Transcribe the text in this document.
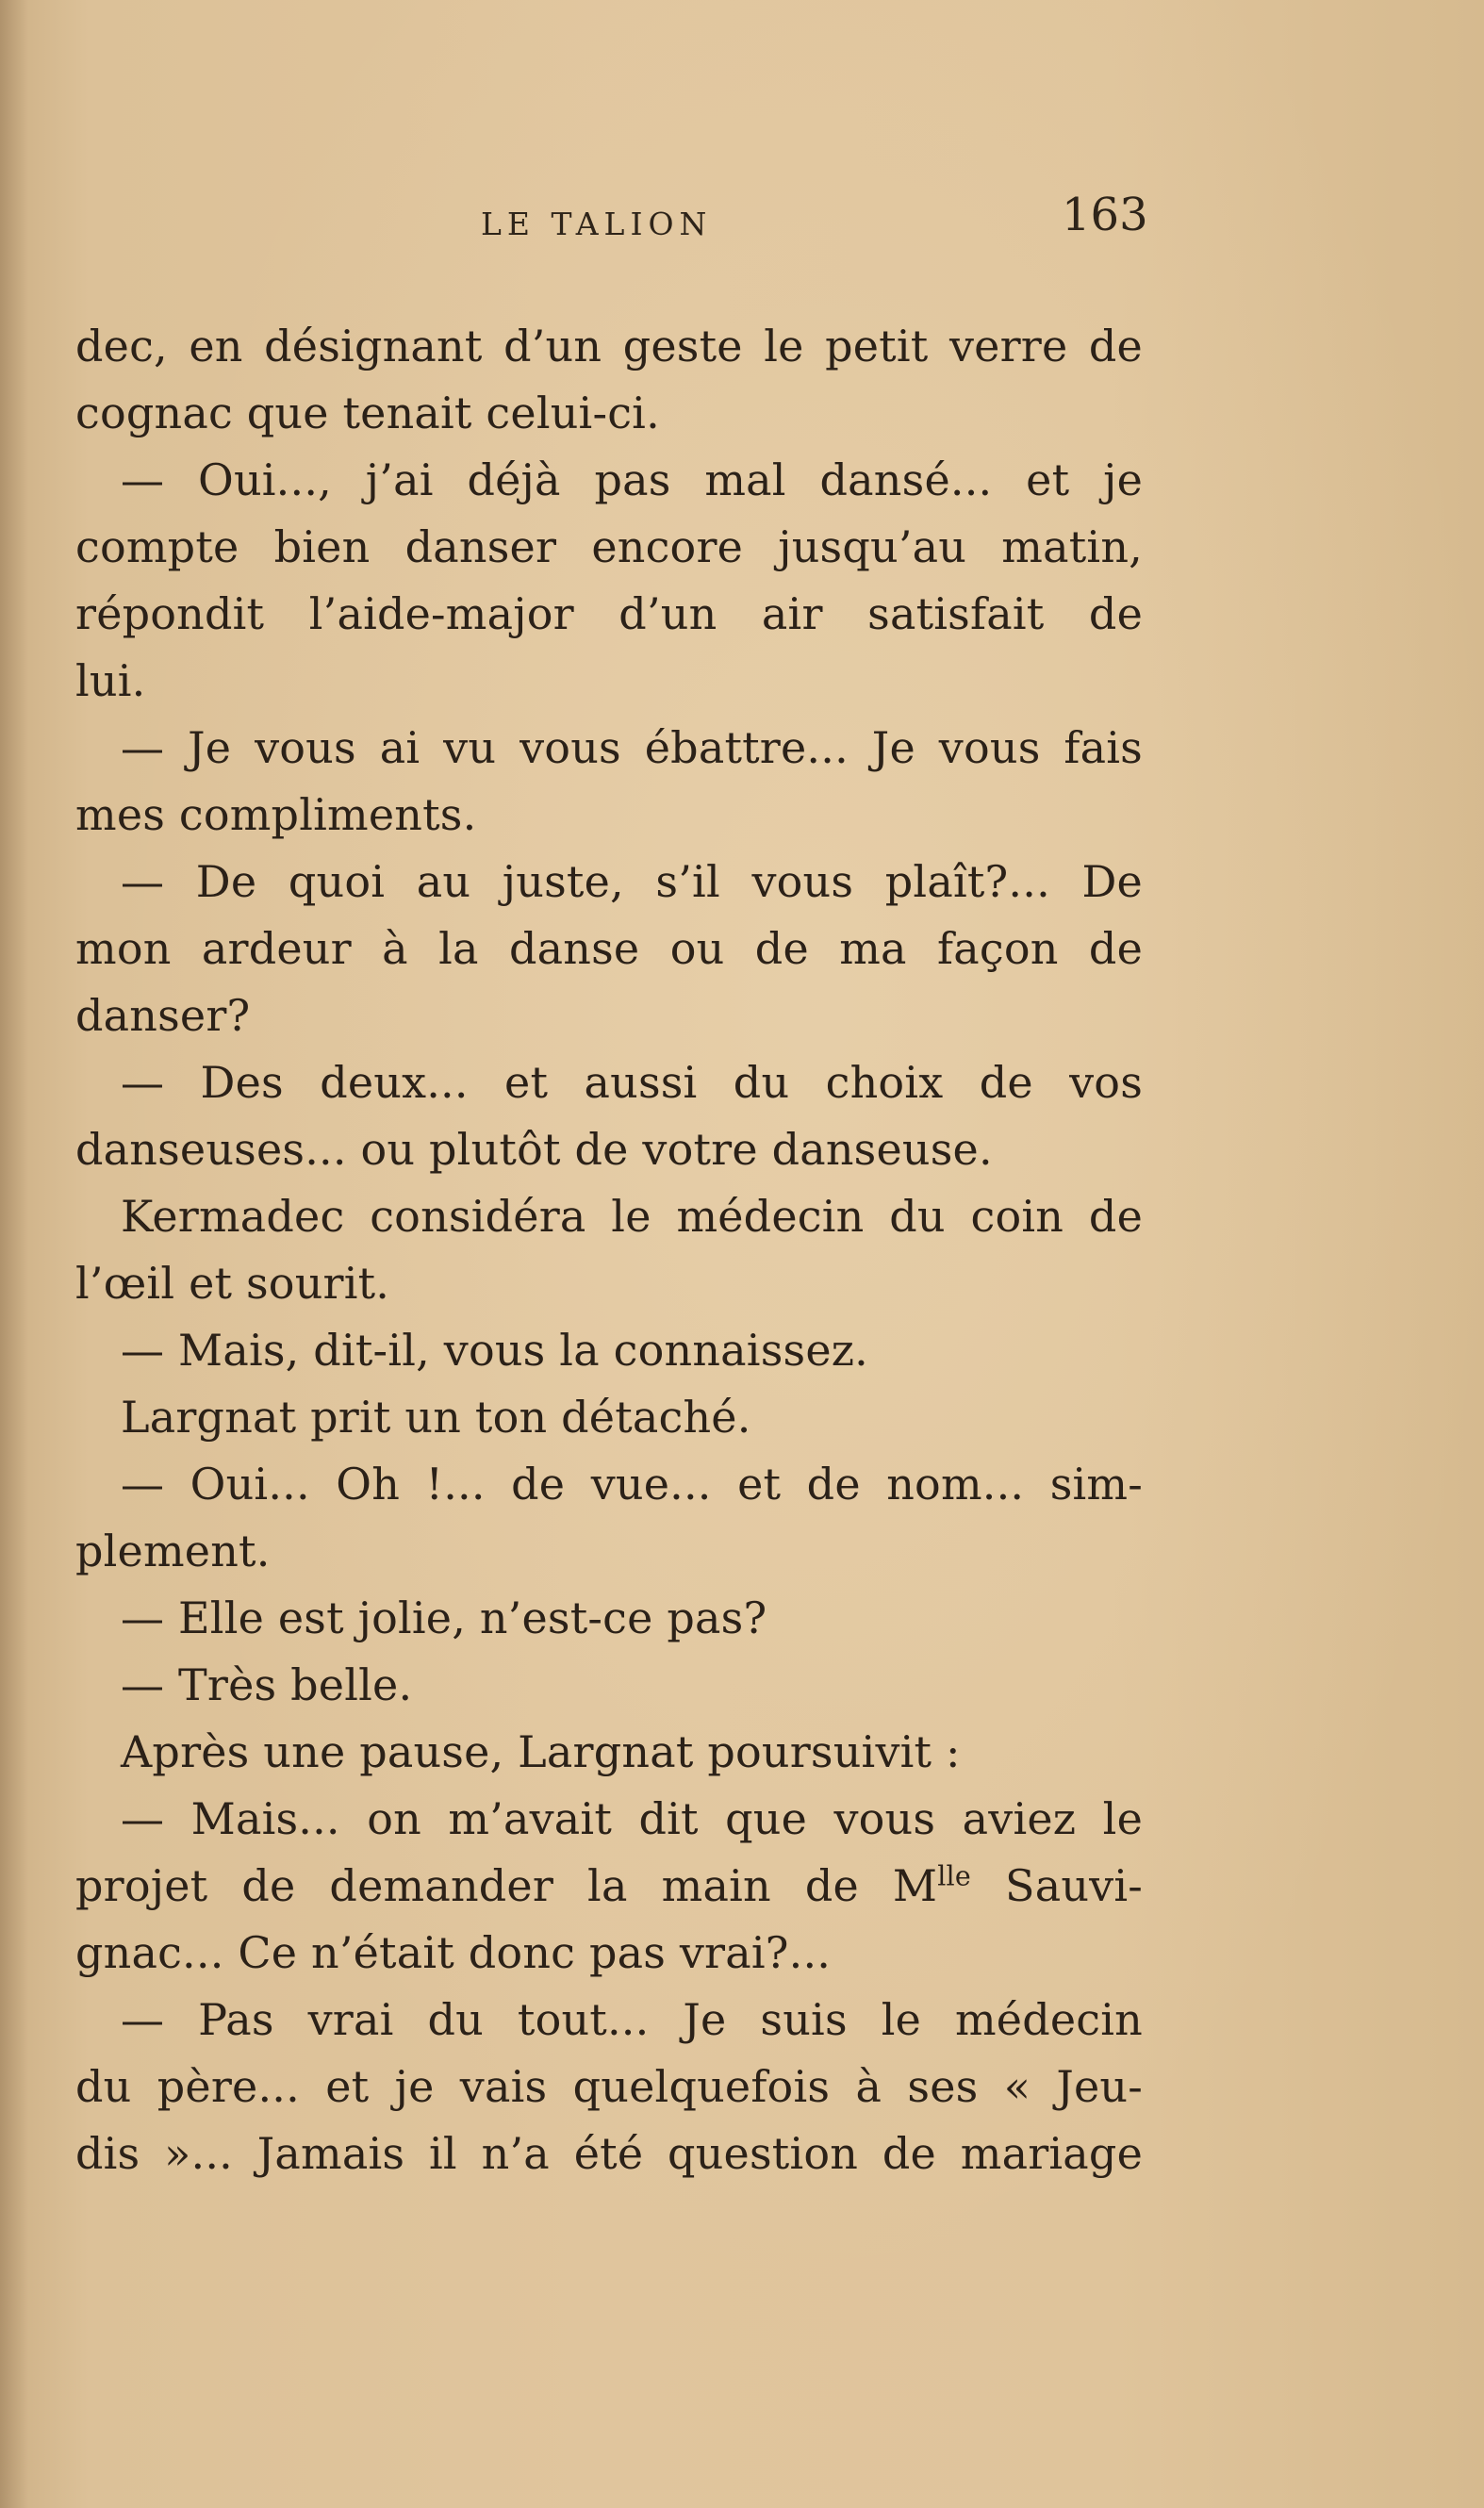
LE TALION	163
dec, en désignant d’un geste le petit verre de
cognac que tenait celui-ci.
— Oui..., j’ai déjà pas mal dansé... et je
compte bien danser encore jusqu’au matin,
répondit l’aide-major d’un air satisfait de
lui.
— Je vous ai vu vous ébattre... Je vous fais
mes compliments.
— De quoi au juste, s’il vous plaît?... De
mon ardeur à la danse ou de ma façon de
danser?
— Des deux... et aussi du choix de vos
danseuses... ou plutôt de votre danseuse.
Kermadec considéra le médecin du coin de
l’œil et sourit.
— Mais, dit-il, vous la connaissez.
Largnat prit un ton détaché.
— Oui... Oh !... de vue... et de nom... sim-
plement.
— Elle est jolie, n’est-ce pas?
— Très belle.
Après une pause, Largnat poursuivit :
— Mais... on m’avait dit que vous aviez le
projet de demander la main de $M^{lle}$ Sauvi-
gnac... Ce n’était donc pas vrai?...
— Pas vrai du tout... Je suis le médecin
du père... et je vais quelquefois à ses « Jeu-
dis »... Jamais il n’a été question de mariage
